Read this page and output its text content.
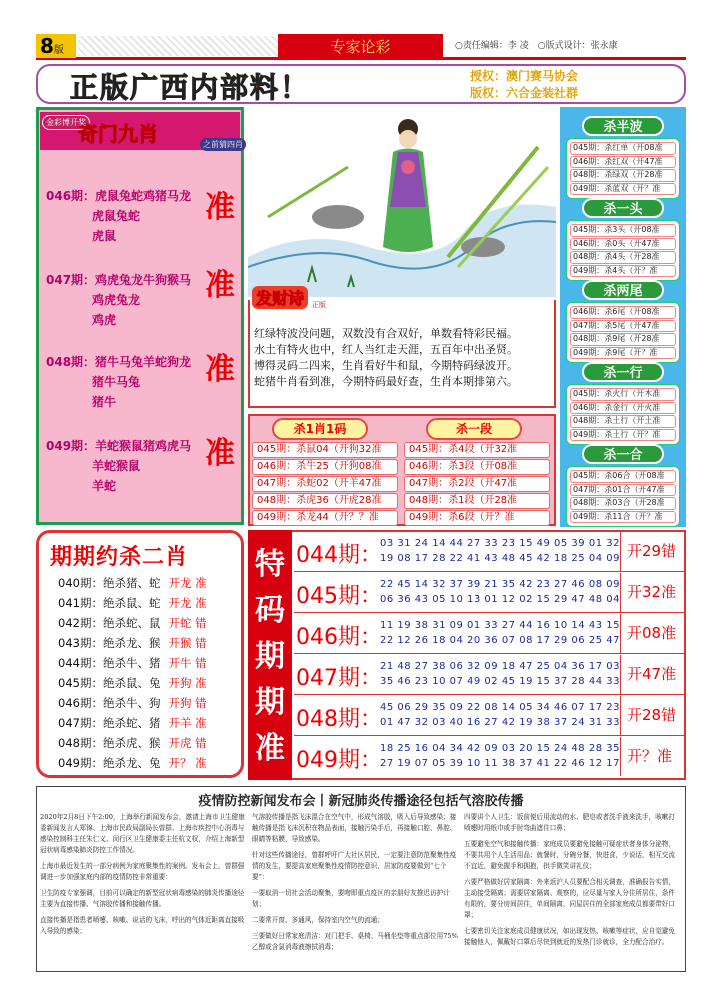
8版	专家论彩	○责任编辑：李 凌　○版式设计：张永康
正版广西内部料！	授权：澳门赛马协会
版权：六合金装社群
金彩博开奖
奇门九肖	之前猜四肖
046期：虎鼠兔蛇鸡猪马龙
虎鼠兔蛇
虎鼠
准
047期：鸡虎兔龙牛狗猴马
鸡虎兔龙
鸡虎
准
048期：猪牛马兔羊蛇狗龙
猪牛马兔
猪牛
准
049期：羊蛇猴鼠猪鸡虎马
羊蛇猴鼠
羊蛇
准
发财诗	正版
红绿特波没问题，双数没有合双好，单数看特彩民福。
水土有特火也中，红人当红走天涯，五百年中出圣贤。
博得灵码二四来，生肖看好牛和鼠，今期特码绿波开。
蛇猪牛肖看到准，今期特码最好查，生肖本期排第六。
杀半波
045期：杀红单（开08准
046期：杀红双（开47准
048期：杀绿双（开28准
049期：杀蓝双（开？准
杀一头
045期：杀3头（开08准
046期：杀0头（开47准
048期：杀4头（开28准
049期：杀4头（开？准
杀两尾
046期：杀6尾（开08准
047期：杀5尾（开47准
048期：杀9尾（开28准
049期：杀9尾（开？准
杀一行
045期：杀火行（开木准
046期：杀金行（开火准
048期：杀土行（开土准
049期：杀土行（开？准
杀一合
045期：杀06合（开08准
047期：杀01合（开47准
048期：杀03合（开28准
049期：杀11合（开？准
杀1肖1码	杀一段
045期：杀鼠04（开狗32准
046期：杀牛25（开狗08准
047期：杀蛇02（开羊47准
048期：杀虎36（开虎28准
049期：杀龙44（开？？准
045期：杀4段（开32准
046期：杀3段（开08准
047期：杀2段（开47准
048期：杀1段（开28准
049期：杀6段（开？准
期期约杀二肖
040期：绝杀猪、蛇 开龙 准
041期：绝杀鼠、蛇 开龙 准
042期：绝杀蛇、鼠 开蛇 错
043期：绝杀龙、猴 开猴 错
044期：绝杀牛、猪 开牛 错
045期：绝杀鼠、兔 开狗 准
046期：绝杀牛、狗 开狗 错
047期：绝杀蛇、猪 开羊 准
048期：绝杀虎、猴 开虎 错
049期：绝杀龙、兔 开？ 准
特码期期准
044期：
03 31 24 14 44 27 33 23 15 49 05 39 01 32
19 08 17 28 22 41 43 48 45 42 18 25 04 09 开29错
045期：
22 45 14 32 37 39 21 35 42 23 27 46 08 09
06 36 43 05 10 13 01 12 02 15 29 47 48 04 开32准
046期：
11 19 38 31 09 01 33 27 44 16 10 14 43 15
22 12 26 18 04 20 36 07 08 17 29 06 25 47 开08准
047期：
21 48 27 38 06 32 09 18 47 25 04 36 17 03
35 46 23 10 07 49 02 45 19 15 37 28 44 33 开47准
048期：
45 06 29 35 09 22 08 14 05 34 46 07 17 23
01 47 32 03 40 16 27 42 19 38 37 24 31 33 开28错
049期：
18 25 16 04 34 42 09 03 20 15 24 48 28 35
27 19 07 05 39 10 11 38 37 41 22 46 12 17 开？准
疫情防控新闻发布会丨新冠肺炎传播途径包括气溶胶传播

2020年2月8日下午2:00，上海举行新闻发布会，邀请上海市卫生健康委新闻发言人郑锦、上海市民政局副局长曾群、上海市疾控中心消毒与感染控制科主任朱仁义、闵行区卫生健康委主任杭文权，介绍上海新型冠状病毒感染肺炎防控工作情况。

上海市最近发生的一部分病例为家庭聚集性的案例。发布会上，曾群强调进一步加强家庭内部的疫情防控非常重要：

卫生防疫专家强调，目前可以确定的新型冠状病毒感染的肺炎传播途径主要为直接传播、气溶胶传播和接触传播。

直接传播是指患者喷嚏、咳嗽、说话的飞沫，呼出的气体近距离直接吸入导致的感染；

气溶胶传播是指飞沫混合在空气中，形成气溶胶，吸入后导致感染；接触传播是指飞沫沉积在物品表面，接触污染手后，再接触口腔、鼻腔、眼睛等粘膜，导致感染。

针对这些传播途径，曾群呼吁广大社区居民，一定要注意防范聚集性疫情的发生，要提高家庭聚集性疫情防控意识，居家防疫要做到“七个要”：

一要取消一切社会活动聚集，要吻即重点疫区的亲朋好友推迟访护计划；

二要常开窗，多通风，保持室内空气的流通；

三要做好日常家庭清洁：对门把手、桌椅、马桶坐垫等重点部位用75%乙醇或含氯消毒液擦拭消毒；

四要讲个人卫生：饭前便后用流动的水、肥皂或者洗手液来洗手，咳嗽打喷嚏时用纸巾或手肘弯曲遮住口鼻；

五要避免空气和接触传播：家庭成员要避免接触可疑症状者身体分泌物，不要共用个人生活用品；就餐时，分碗分餐，快进食，少说话，相互交流不宜近，避免握手和拥抱，拱手微笑讲礼仪；

六要严格做好居家隔离：外来返沪人员要配合相关调查，准确报告实情，主动接受隔离；需要居家隔离、观察的，应尽量与家人分住所居住，条件有限的，要分房间居住，单间隔离，同屋居住的全部家庭成员都要带好口罩；

七要密切关注家庭成员健康状况，如出现发热、咳嗽等症状，应自觉避免接触他人，佩戴好口罩后尽快到就近的发热门诊就诊，全力配合治疗。
